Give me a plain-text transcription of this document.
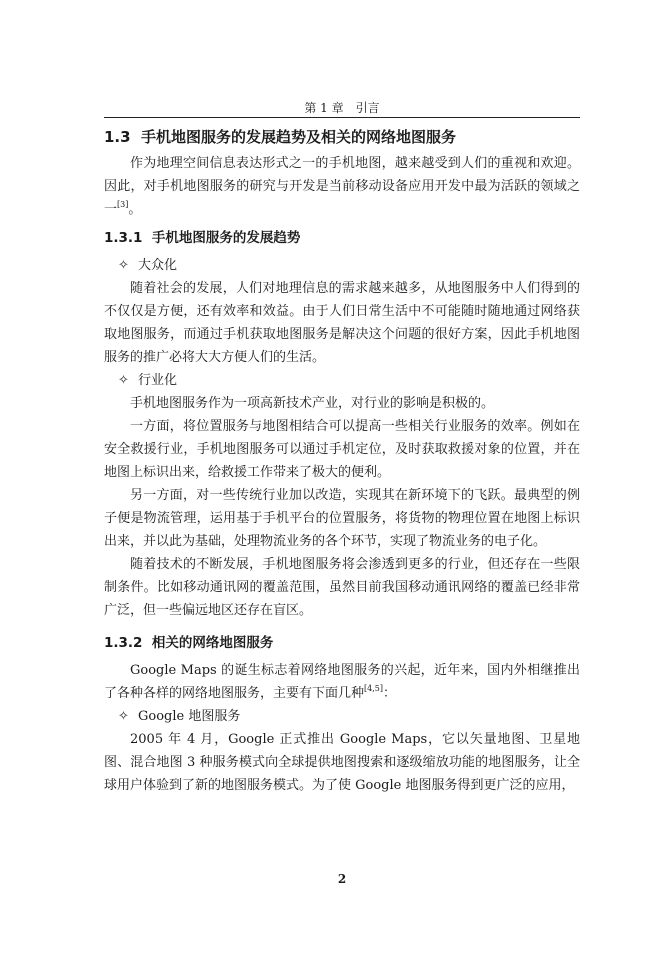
第 1 章　引言
1.3 手机地图服务的发展趋势及相关的网络地图服务

作为地理空间信息表达形式之一的手机地图，越来越受到人们的重视和欢迎。因此，对手机地图服务的研究与开发是当前移动设备应用开发中最为活跃的领域之一[3]。

1.3.1 手机地图服务的发展趋势
✧ 大众化

随着社会的发展，人们对地理信息的需求越来越多，从地图服务中人们得到的不仅仅是方便，还有效率和效益。由于人们日常生活中不可能随时随地通过网络获取地图服务，而通过手机获取地图服务是解决这个问题的很好方案，因此手机地图服务的推广必将大大方便人们的生活。

✧ 行业化

手机地图服务作为一项高新技术产业，对行业的影响是积极的。

一方面，将位置服务与地图相结合可以提高一些相关行业服务的效率。例如在安全救援行业，手机地图服务可以通过手机定位，及时获取救援对象的位置，并在地图上标识出来，给救援工作带来了极大的便利。

另一方面，对一些传统行业加以改造，实现其在新环境下的飞跃。最典型的例子便是物流管理，运用基于手机平台的位置服务，将货物的物理位置在地图上标识出来，并以此为基础，处理物流业务的各个环节，实现了物流业务的电子化。

随着技术的不断发展，手机地图服务将会渗透到更多的行业，但还存在一些限制条件。比如移动通讯网的覆盖范围，虽然目前我国移动通讯网络的覆盖已经非常广泛，但一些偏远地区还存在盲区。

1.3.2 相关的网络地图服务

Google Maps 的诞生标志着网络地图服务的兴起，近年来，国内外相继推出了各种各样的网络地图服务，主要有下面几种[4,5]：

✧ Google 地图服务

2005 年 4 月，Google 正式推出 Google Maps，它以矢量地图、卫星地图、混合地图 3 种服务模式向全球提供地图搜索和逐级缩放功能的地图服务，让全球用户体验到了新的地图服务模式。为了使 Google 地图服务得到更广泛的应用，

2
